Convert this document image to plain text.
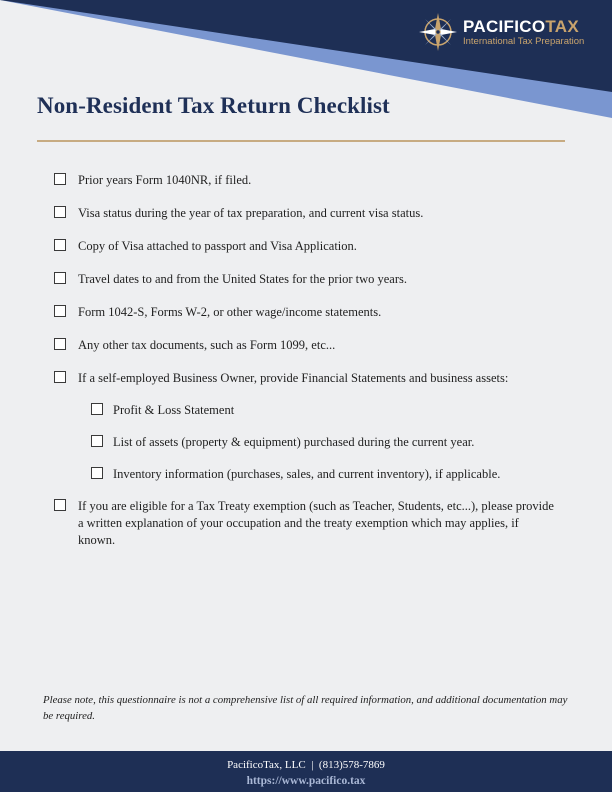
PACIFICOTAX
International Tax Preparation
Non-Resident Tax Return Checklist
Prior years Form 1040NR, if filed.
Visa status during the year of tax preparation, and current visa status.
Copy of Visa attached to passport and Visa Application.
Travel dates to and from the United States for the prior two years.
Form 1042-S, Forms W-2, or other wage/income statements.
Any other tax documents, such as Form 1099, etc...
If a self-employed Business Owner, provide Financial Statements and business assets:
Profit & Loss Statement
List of assets (property & equipment) purchased during the current year.
Inventory information (purchases, sales, and current inventory), if applicable.
If you are eligible for a Tax Treaty exemption (such as Teacher, Students, etc...), please provide a written explanation of your occupation and the treaty exemption which may applies, if known.

Please note, this questionnaire is not a comprehensive list of all required information, and additional documentation may be required.

PacificoTax, LLC | (813)578-7869
https://www.pacifico.tax
